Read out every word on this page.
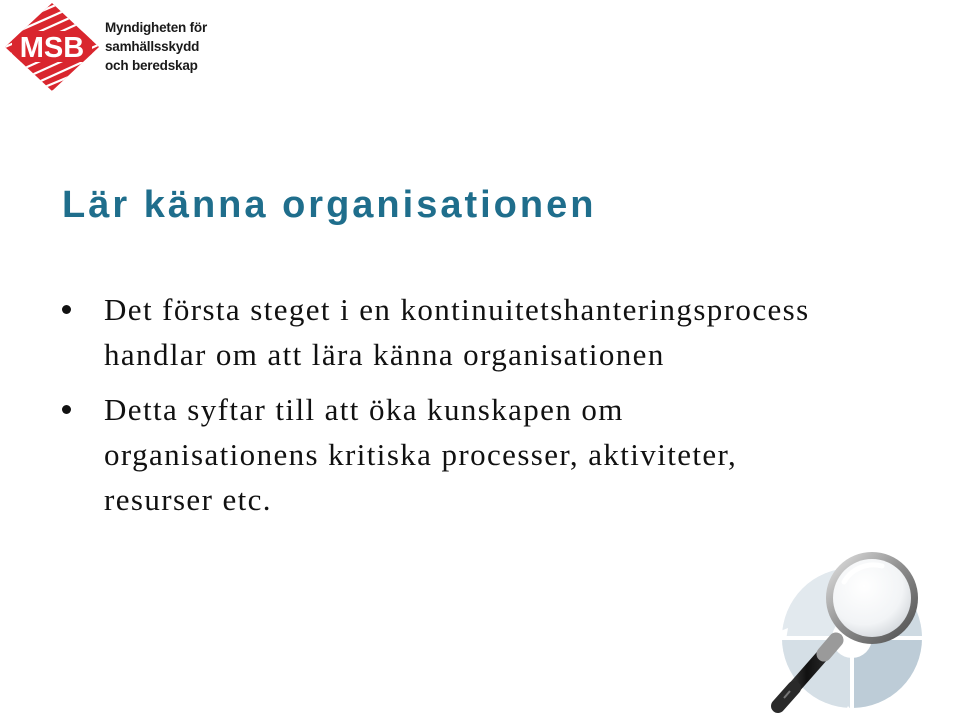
MSB
Myndigheten för
samhällsskydd
och beredskap
Lär känna organisationen
Det första steget i en kontinuitetshanteringsprocess
handlar om att lära känna organisationen
Detta syftar till att öka kunskapen om
organisationens kritiska processer, aktiviteter,
resurser etc.
